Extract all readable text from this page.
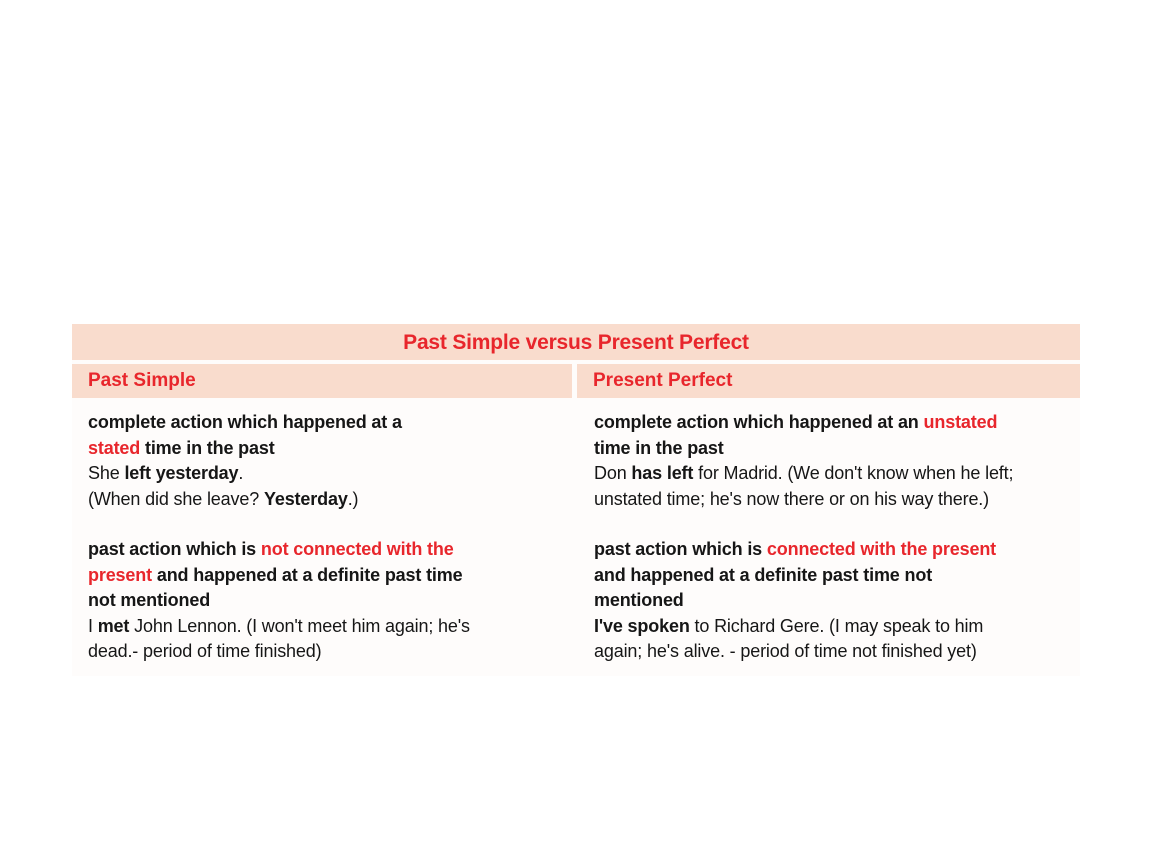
Past Simple versus Present Perfect
Past Simple	Present Perfect
complete action which happened at a
stated time in the past
She left yesterday.
(When did she leave? Yesterday.)
past action which is not connected with the
present and happened at a definite past time
not mentioned
I met John Lennon. (I won't meet him again; he's
dead.- period of time finished)
complete action which happened at an unstated
time in the past
Don has left for Madrid. (We don't know when he left;
unstated time; he's now there or on his way there.)
past action which is connected with the present
and happened at a definite past time not
mentioned
I've spoken to Richard Gere. (I may speak to him
again; he's alive. - period of time not finished yet)
